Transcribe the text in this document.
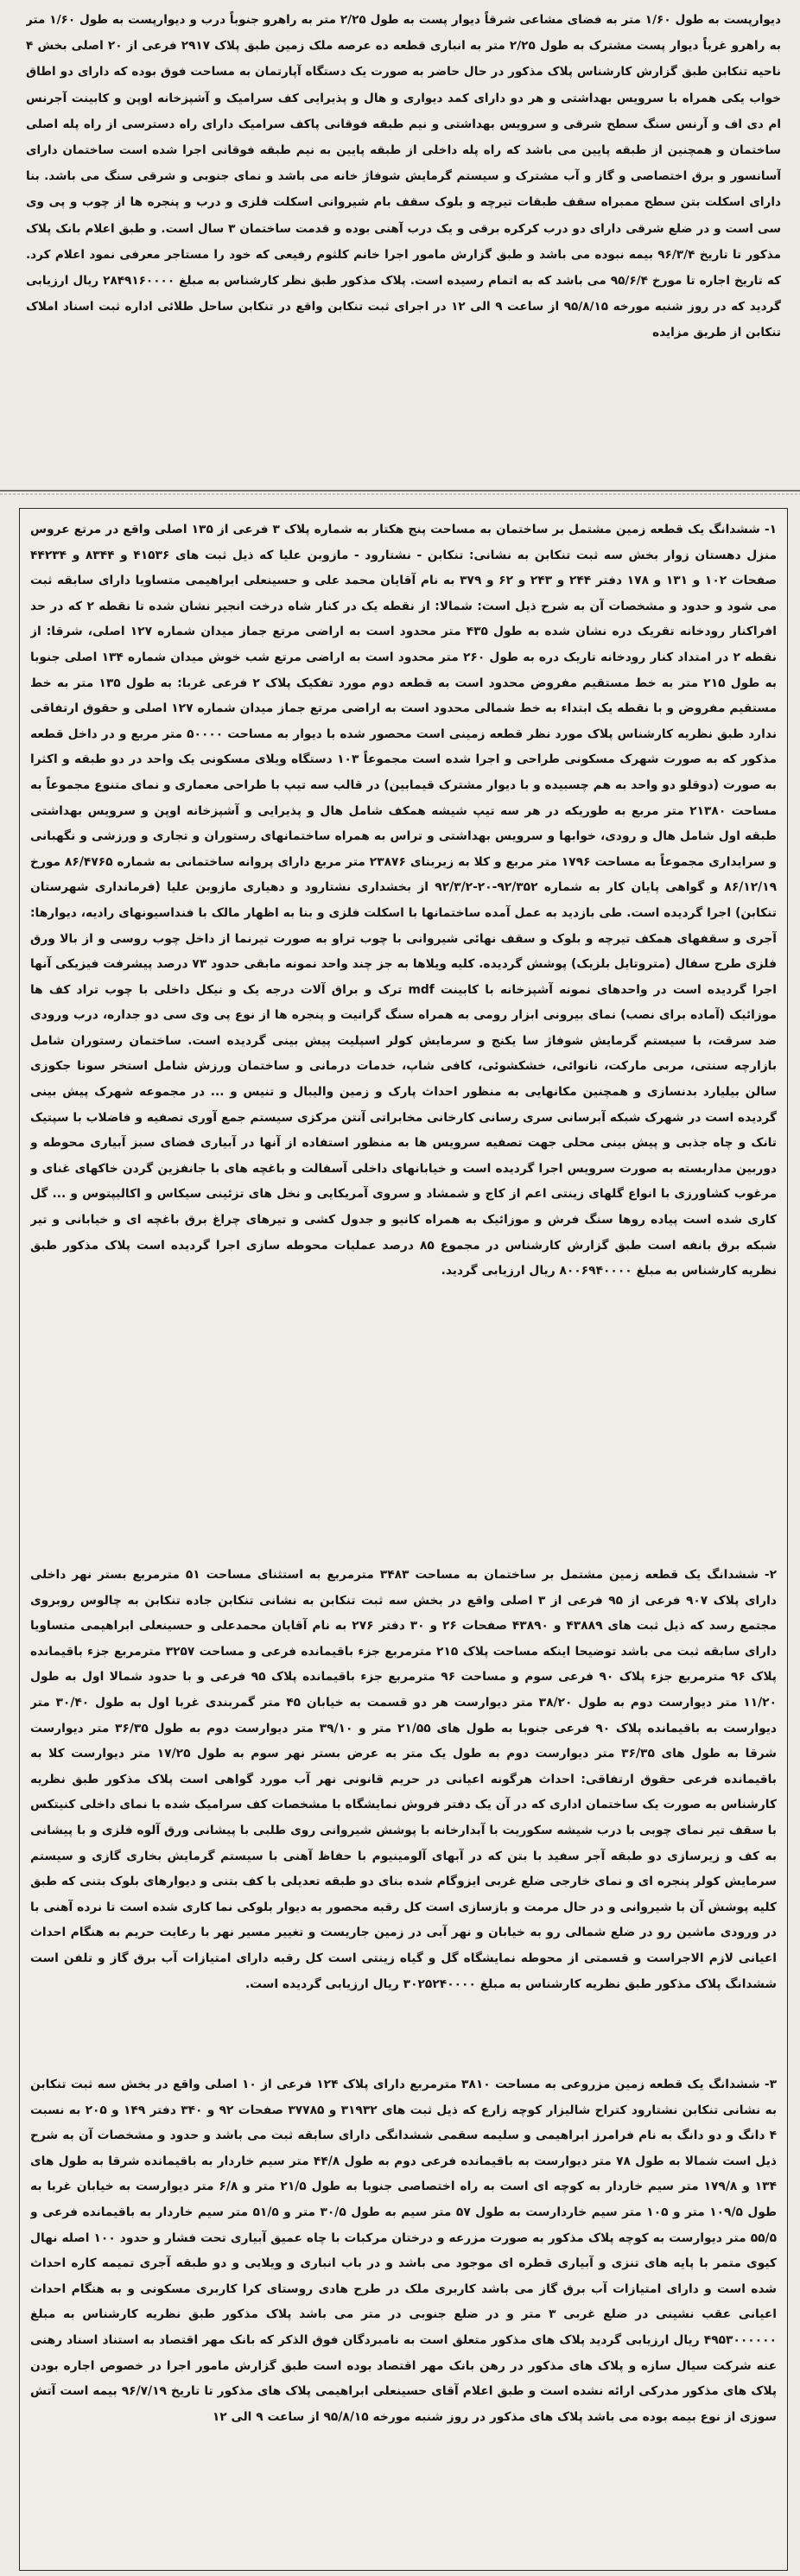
دیوارپست به طول ۱/۶۰ متر به فضای مشاعی شرقاً دیوار پست به طول ۲/۲۵ متر به راهرو جنوباً درب و دیوارپست به طول ۱/۶۰ متر به راهرو غرباً دیوار پست مشترک به طول ۲/۲۵ متر به انباری قطعه ده عرصه ملک زمین طبق پلاک ۲۹۱۷ فرعی از ۲۰ اصلی بخش ۴ ناحیه تنکابن طبق گزارش کارشناس پلاک مذکور در حال حاضر به صورت یک دستگاه آپارتمان به مساحت فوق بوده که دارای دو اطاق خواب یکی همراه با سرویس بهداشتی و هر دو دارای کمد دیواری و هال و پذیرایی کف سرامیک و آشپزخانه اوپن و کابینت آجرنس ام دی اف و آرنس سنگ سطح شرقی و سرویس بهداشتی و نیم طبقه فوقانی پاکف سرامیک دارای راه دسترسی از راه پله اصلی ساختمان و همچنین از طبقه پایین می باشد که راه پله داخلی از طبقه پایین به نیم طبقه فوقانی اجرا شده است ساختمان دارای آسانسور و برق اختصاصی و گاز و آب مشترک و سیستم گرمایش شوفاژ خانه می باشد و نمای جنوبی و شرقی سنگ می باشد. بنا دارای اسکلت بتن سطح ممبراه سقف طبقات تیرچه و بلوک سقف بام شیروانی اسکلت فلزی و درب و پنجره ها از چوب و پی وی سی است و در ضلع شرقی دارای دو درب کرکره برقی و یک درب آهنی بوده و قدمت ساختمان ۳ سال است. و طبق اعلام بانک پلاک مذکور تا تاریخ ۹۶/۳/۴ بیمه نبوده می باشد و طبق گزارش مامور اجرا خانم کلثوم رفیعی که خود را مستاجر معرفی نمود اعلام کرد. که تاریخ اجاره تا مورخ ۹۵/۶/۴ می باشد که به اتمام رسیده است. پلاک مذکور طبق نظر کارشناس به مبلغ ۲۸۴۹۱۶۰۰۰۰ ریال ارزیابی گردید که در روز شنبه مورخه ۹۵/۸/۱۵ از ساعت ۹ الی ۱۲ در اجرای ثبت تنکابن واقع در تنکابن ساحل طلائی اداره ثبت اسناد املاک تنکابن از طریق مزایده

۱- ششدانگ یک قطعه زمین مشتمل بر ساختمان به مساحت پنج هکتار به شماره پلاک ۳ فرعی از ۱۳۵ اصلی واقع در مرتع عروس منزل دهستان زوار بخش سه ثبت تنکابن به نشانی: تنکابن - نشتارود - مازوبن علیا که ذیل ثبت های ۴۱۵۳۶ و ۸۳۴۴ و ۴۴۲۳۴ صفحات ۱۰۲ و ۱۳۱ و ۱۷۸ دفتر ۲۴۴ و ۲۴۳ و ۶۲ و ۳۷۹ به نام آقایان محمد علی و حسینعلی ابراهیمی متساویا دارای سابقه ثبت می شود و حدود و مشخصات آن به شرح ذیل است: شمالا: از نقطه یک در کنار شاه درخت انجیر نشان شده تا نقطه ۲ که در حد افراکنار رودخانه تقریک دره نشان شده به طول ۴۳۵ متر محدود است به اراضی مرتع جماز میدان شماره ۱۲۷ اصلی، شرقا: از نقطه ۲ در امتداد کنار رودخانه تاریک دره به طول ۲۶۰ متر محدود است به اراضی مرتع شب خوش میدان شماره ۱۳۴ اصلی جنوبا به طول ۲۱۵ متر به خط مستقیم مفروض محدود است به قطعه دوم مورد تفکیک پلاک ۲ فرعی غربا: به طول ۱۳۵ متر به خط مستقیم مفروض و با نقطه یک ابتداء به خط شمالی محدود است به اراضی مرتع جماز میدان شماره ۱۲۷ اصلی و حقوق ارتفاقی ندارد طبق نظریه کارشناس پلاک مورد نظر قطعه زمینی است محصور شده با دیوار به مساحت ۵۰۰۰۰ متر مربع و در داخل قطعه مذکور که به صورت شهرک مسکونی طراحی و اجرا شده است مجموعاً ۱۰۳ دستگاه ویلای مسکونی یک واحد در دو طبقه و اکثرا به صورت (دوقلو دو واحد به هم چسبیده و با دیوار مشترک قیمابین) در قالب سه تیپ با طراحی معماری و نمای متنوع مجموعاً به مساحت ۲۱۳۸۰ متر مربع به طوریکه در هر سه تیپ شیشه همکف شامل هال و پذیرایی و آشپزخانه اوپن و سرویس بهداشتی طبقه اول شامل هال و رودی، خوابها و سرویس بهداشتی و تراس به همراه ساختمانهای رستوران و تجاری و ورزشی و نگهبانی و سرایداری مجموعاً به مساحت ۱۷۹۶ متر مربع و کلا به زیربنای ۲۳۸۷۶ متر مربع دارای پروانه ساختمانی به شماره ۸۶/۴۷۶۵ مورخ ۸۶/۱۲/۱۹ و گواهی پایان کار به شماره ۹۲/۳۵۲-۲۰-۹۲/۳/۲ از بخشداری نشتارود و دهیاری مازوبن علیا (فرمانداری شهرستان تنکابن) اجرا گردیده است. طی بازدید به عمل آمده ساختمانها با اسکلت فلزی و بنا به اظهار مالک با فنداسیونهای رادیه، دیوارها: آجری و سقفهای همکف تیرچه و بلوک و سقف نهائی شیروانی با چوب تراو به صورت تیرنما از داخل چوب روسی و از بالا ورق فلزی طرح سفال (متروتایل بلزیک) پوشش گردیده. کلیه ویلاها به جز چند واحد نمونه مابقی حدود ۷۳ درصد پیشرفت فیزیکی آنها اجرا گردیده است در واحدهای نمونه آشپزخانه با کابینت mdf ترک و براق آلات درجه یک و نیکل داخلی با چوب تراد کف ها موزائیک (آماده برای نصب) نمای بیرونی ابزار رومی به همراه سنگ گرانیت و پنجره ها از نوع پی وی سی دو جداره، درب ورودی ضد سرقت، با سیستم گرمایش شوفاژ سا یکنج و سرمایش کولر اسپلیت پیش بینی گردیده است. ساختمان رستوران شامل بازارچه سنتی، مربی ماركت، نانوائی، خشکشوئی، کافی شاپ، خدمات درمانی و ساختمان ورزش شامل استخر سونا جکوزی سالن بیلیارد بدنسازی و همچنین مکانهایی به منظور احداث پارک و زمین والیبال و تنیس و ... در مجموعه شهرک پیش بینی گردیده است در شهرک شبکه آبرسانی سری رسانی کارخانی مخابراتی آنتن مرکزی سیستم جمع آوری تصفیه و فاضلاب با سپتیک تانک و چاه جذبی و پیش بینی محلی جهت تصفیه سرویس ها به منظور استفاده از آنها در آبیاری فضای سبز آبیاری محوطه و دوربین مداربسته به صورت سرویس اجرا گردیده است و خیابانهای داخلی آسفالت و باغچه های با جانفزین گردن خاکهای غنای و مرغوب کشاورزی با انواع گلهای زینتی اعم از کاج و شمشاد و سروی آمریکایی و نخل های تزئینی سیکاس و اکالیپتوس و ... گل کاری شده است پیاده روها سنگ فرش و موزائیک به همراه کانیو و جدول کشی و تیرهای چراغ برق باغچه ای و خیابانی و تیر شبکه برق بانفه است طبق گزارش کارشناس در مجموع ۸۵ درصد عملیات محوطه سازی اجرا گردیده است پلاک مذکور طبق نظریه کارشناس به مبلغ ۸۰۰۶۹۴۰۰۰۰ ریال ارزیابی گردید.

۲- ششدانگ یک قطعه زمین مشتمل بر ساختمان به مساحت ۳۴۸۳ مترمربع به استثنای مساحت ۵۱ مترمربع بستر نهر داخلی دارای پلاک ۹۰۷ فرعی از ۹۵ فرعی از ۳ اصلی واقع در بخش سه ثبت تنکابن به نشانی تنکابن جاده تنکابن به چالوس روبروی مجتمع رسد که ذیل ثبت های ۴۳۸۸۹ و ۴۳۸۹۰ صفحات ۲۶ و ۳۰ دفتر ۲۷۶ به نام آقایان محمدعلی و حسینعلی ابراهیمی متساویا دارای سابقه ثبت می باشد توضیحا اینکه مساحت پلاک ۲۱۵ مترمربع جزء باقیمانده فرعی و مساحت ۳۲۵۷ مترمربع جزء باقیمانده پلاک ۹۶ مترمربع جزء پلاک ۹۰ فرعی سوم و مساحت ۹۶ مترمربع جزء باقیمانده پلاک ۹۵ فرعی و با حدود شمالا اول به طول ۱۱/۲۰ متر دیوارست دوم به طول ۳۸/۲۰ متر دیوارست هر دو قسمت به خیابان ۴۵ متر گمربندی غربا اول به طول ۳۰/۴۰ متر دیوارست به باقیمانده پلاک ۹۰ فرعی جنوبا به طول های ۲۱/۵۵ متر و ۳۹/۱۰ متر دیوارست دوم به طول ۳۶/۳۵ متر دیوارست شرقا به طول های ۳۶/۳۵ متر دیوارست دوم به طول یک متر به عرض بستر نهر سوم به طول ۱۷/۲۵ متر دیوارست کلا به باقیمانده فرعی حقوق ارتفاقی: احداث هرگونه اعیانی در حریم قانونی نهر آب مورد گواهی است پلاک مذکور طبق نظریه کارشناس به صورت یک ساختمان اداری که در آن یک دفتر فروش نمایشگاه با مشخصات کف سرامیک شده با نمای داخلی کنیتکس با سقف تیر نمای چوبی با درب شیشه سکوریت با آبدارخانه با پوشش شیروانی روی طلبی با پیشانی ورق آلوه فلزی و با پیشانی به کف و زیرسازی دو طبقه آجر سفید با بتن که در آبهای آلومینیوم با حفاظ آهنی با سیستم گرمایش بخاری گازی و سیستم سرمایش کولر پنجره ای و نمای خارجی ضلع غربی ایزوگام شده بنای دو طبقه تعدیلی با کف بتنی و دیوارهای بلوک بتنی که طبق کلیه پوشش آن با شیروانی و در حال مرمت و بازسازی است کل رقبه محصور به دیوار بلوکی نما کاری شده است تا نرده آهنی با در ورودی ماشین رو در ضلع شمالی رو به خیابان و نهر آبی در زمین جاریست و تغییر مسیر نهر با رعایت حریم به هنگام احداث اعیانی لازم الاجراست و قسمتی از محوطه نمایشگاه گل و گیاه زینتی است کل رقبه دارای امتیازات آب برق گاز و تلفن است ششدانگ پلاک مذکور طبق نظریه کارشناس به مبلغ ۳۰۲۵۲۴۰۰۰۰ ریال ارزیابی گردیده است.

۳- ششدانگ یک قطعه زمین مزروعی به مساحت ۳۸۱۰ مترمربع دارای پلاک ۱۲۴ فرعی از ۱۰ اصلی واقع در بخش سه ثبت تنکابن به نشانی تنکابن نشتارود کتراح شالیزار کوچه زارع که ذیل ثبت های ۳۱۹۳۲ و ۳۷۷۸۵ صفحات ۹۲ و ۳۴۰ دفتر ۱۴۹ و ۲۰۵ به نسبت ۴ دانگ و دو دانگ به نام فرامرز ابراهیمی و سلیمه سقمی ششدانگی دارای سابقه ثبت می باشد و حدود و مشخصات آن به شرح ذیل است شمالا به طول ۷۸ متر دیوارست به باقیمانده فرعی دوم به طول ۴۴/۸ متر سیم خاردار به باقیمانده شرقا به طول های ۱۳۴ و ۱۷۹/۸ متر سیم خاردار به کوچه ای است به راه اختصاصی جنوبا به طول ۲۱/۵ متر و ۶/۸ متر دیوارست به خیابان غربا به طول ۱۰۹/۵ متر و ۱۰۵ متر سیم خاردارست به طول ۵۷ متر سیم به طول ۳۰/۵ متر و ۵۱/۵ متر سیم خاردار به باقیمانده فرعی و ۵۵/۵ متر دیوارست به کوچه پلاک مذکور به صورت مزرعه و درختان مرکبات با چاه عمیق آبیاری تحت فشار و حدود ۱۰۰ اصله نهال کیوی متمر با پایه های تنزی و آبیاری قطره ای موجود می باشد و در باب انباری و ویلایی و دو طبقه آجری تمیمه کاره احداث شده است و دارای امتیازات آب برق گاز می باشد کاربری ملک در طرح هادی روستای کرا کاربری مسکونی و به هنگام احداث اعیانی عقب نشینی در ضلع غربی ۳ متر و در ضلع جنوبی در متر می باشد پلاک مذکور طبق نظریه کارشناس به مبلغ ۴۹۵۳۰۰۰۰۰۰ ریال ارزیابی گردید پلاک های مذکور متعلق است به نامبردگان فوق الذکر که بانک مهر اقتصاد به استناد اسناد رهنی عنه شرکت سیال سازه و پلاک های مذکور در رهن بانک مهر اقتصاد بوده است طبق گزارش مامور اجرا در خصوص اجاره بودن پلاک های مذکور مدرکی ارائه نشده است و طبق اعلام آقای حسینعلی ابراهیمی پلاک های مذکور تا تاریخ ۹۶/۷/۱۹ بیمه است آتش سوزی از نوع بیمه بوده می باشد پلاک های مذکور در روز شنبه مورخه ۹۵/۸/۱۵ از ساعت ۹ الی ۱۲
